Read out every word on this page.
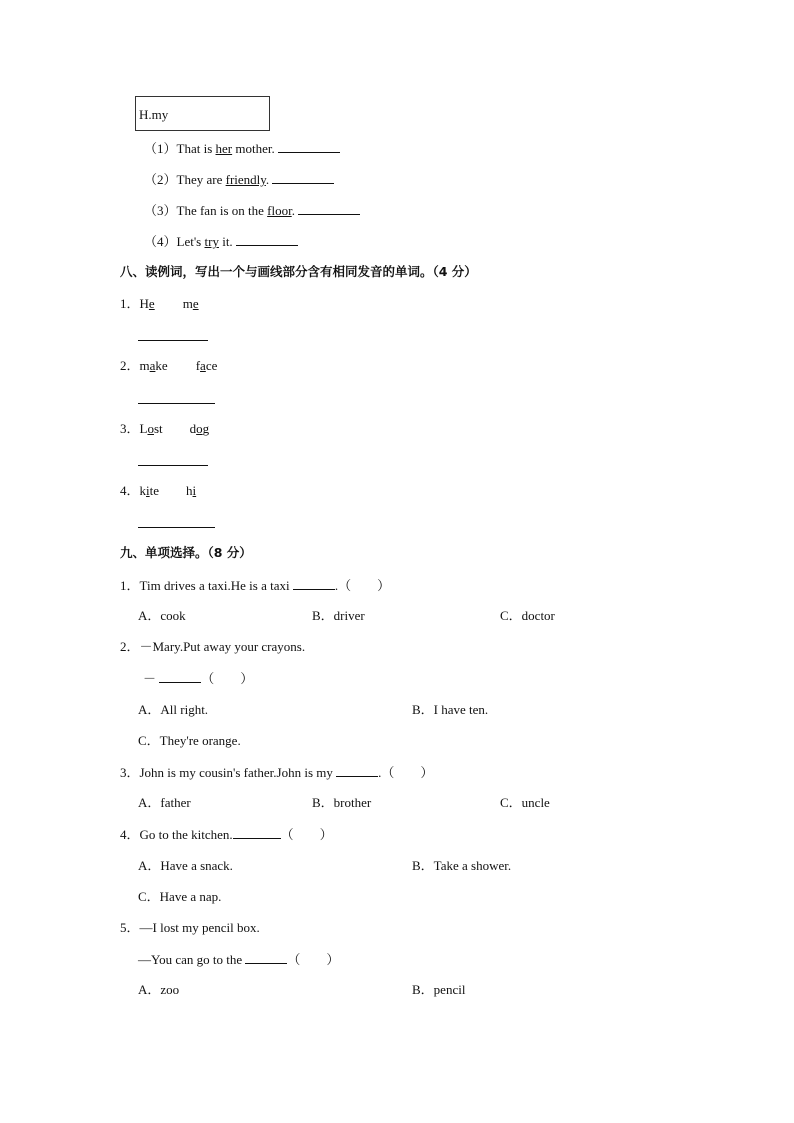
H.my
（1）That is her mother.
（2）They are friendly.
（3）The fan is on the floor.
（4）Let's try it.
八、读例词，写出一个与画线部分含有相同发音的单词。（4 分）
1．He me
2．make face
3．Lost dog
4．kite hi
九、单项选择。（8 分）
1．Tim drives a taxi.He is a taxi	.（　　）
A．cook	B．driver	C．doctor
2．－Mary.Put away your crayons.
－	（　　）
A．All right.	B．I have ten.
C．They're orange.
3．John is my cousin's father.John is my	.（　　）
A．father	B．brother	C．uncle
4．Go to the kitchen.	（　　）
A．Have a snack.	B．Take a shower.
C．Have a nap.
5．—I lost my pencil box.
—You can go to the	（　　）
A．zoo	B．pencil
